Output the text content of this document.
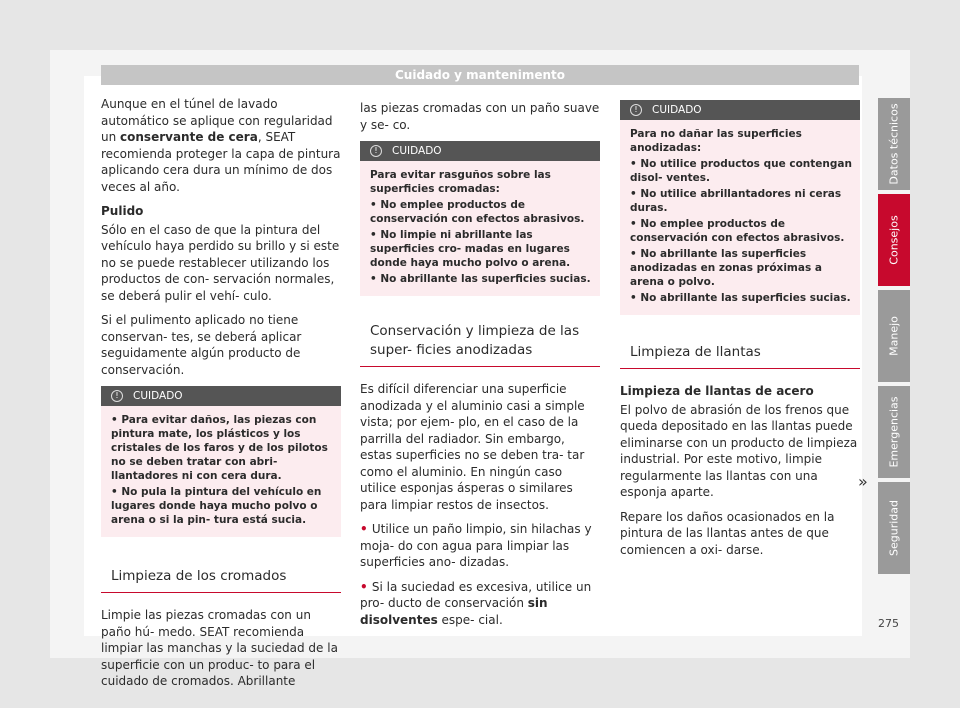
Cuidado y mantenimento

Aunque en el túnel de lavado automático se aplique con regularidad un conservante de cera, SEAT recomienda proteger la capa de pintura aplicando cera dura un mínimo de dos veces al año.

Pulido

Sólo en el caso de que la pintura del vehículo haya perdido su brillo y si este no se puede restablecer utilizando los productos de con- servación normales, se deberá pulir el vehí- culo.

Si el pulimento aplicado no tiene conservan- tes, se deberá aplicar seguidamente algún producto de conservación.

!	CUIDADO
• Para evitar daños, las piezas con pintura mate, los plásticos y los cristales de los faros y de los pilotos no se deben tratar con abri- llantadores ni con cera dura.
• No pula la pintura del vehículo en lugares donde haya mucho polvo o arena o si la pin- tura está sucia.
Limpieza de los cromados

Limpie las piezas cromadas con un paño hú- medo. SEAT recomienda limpiar las manchas y la suciedad de la superficie con un produc- to para el cuidado de cromados. Abrillante

las piezas cromadas con un paño suave y se- co.

!	CUIDADO
Para evitar rasguños sobre las superficies cromadas:
• No emplee productos de conservación con efectos abrasivos.
• No limpie ni abrillante las superficies cro- madas en lugares donde haya mucho polvo o arena.
• No abrillante las superficies sucias.
Conservación y limpieza de las super- ficies anodizadas

Es difícil diferenciar una superficie anodizada y el aluminio casi a simple vista; por ejem- plo, en el caso de la parrilla del radiador. Sin embargo, estas superficies no se deben tra- tar como el aluminio. En ningún caso utilice esponjas ásperas o similares para limpiar restos de insectos.

• Utilice un paño limpio, sin hilachas y moja- do con agua para limpiar las superficies ano- dizadas.

• Si la suciedad es excesiva, utilice un pro- ducto de conservación sin disolventes espe- cial.

!	CUIDADO
Para no dañar las superficies anodizadas:
• No utilice productos que contengan disol- ventes.
• No utilice abrillantadores ni ceras duras.
• No emplee productos de conservación con efectos abrasivos.
• No abrillante las superficies anodizadas en zonas próximas a arena o polvo.
• No abrillante las superficies sucias.
Limpieza de llantas
Limpieza de llantas de acero

El polvo de abrasión de los frenos que queda depositado en las llantas puede eliminarse con un producto de limpieza industrial. Por este motivo, limpie regularmente las llantas con una esponja aparte.

Repare los daños ocasionados en la pintura de las llantas antes de que comiencen a oxi- darse.

»
Datos técnicos
Consejos
Manejo
Emergencias
Seguridad
275
